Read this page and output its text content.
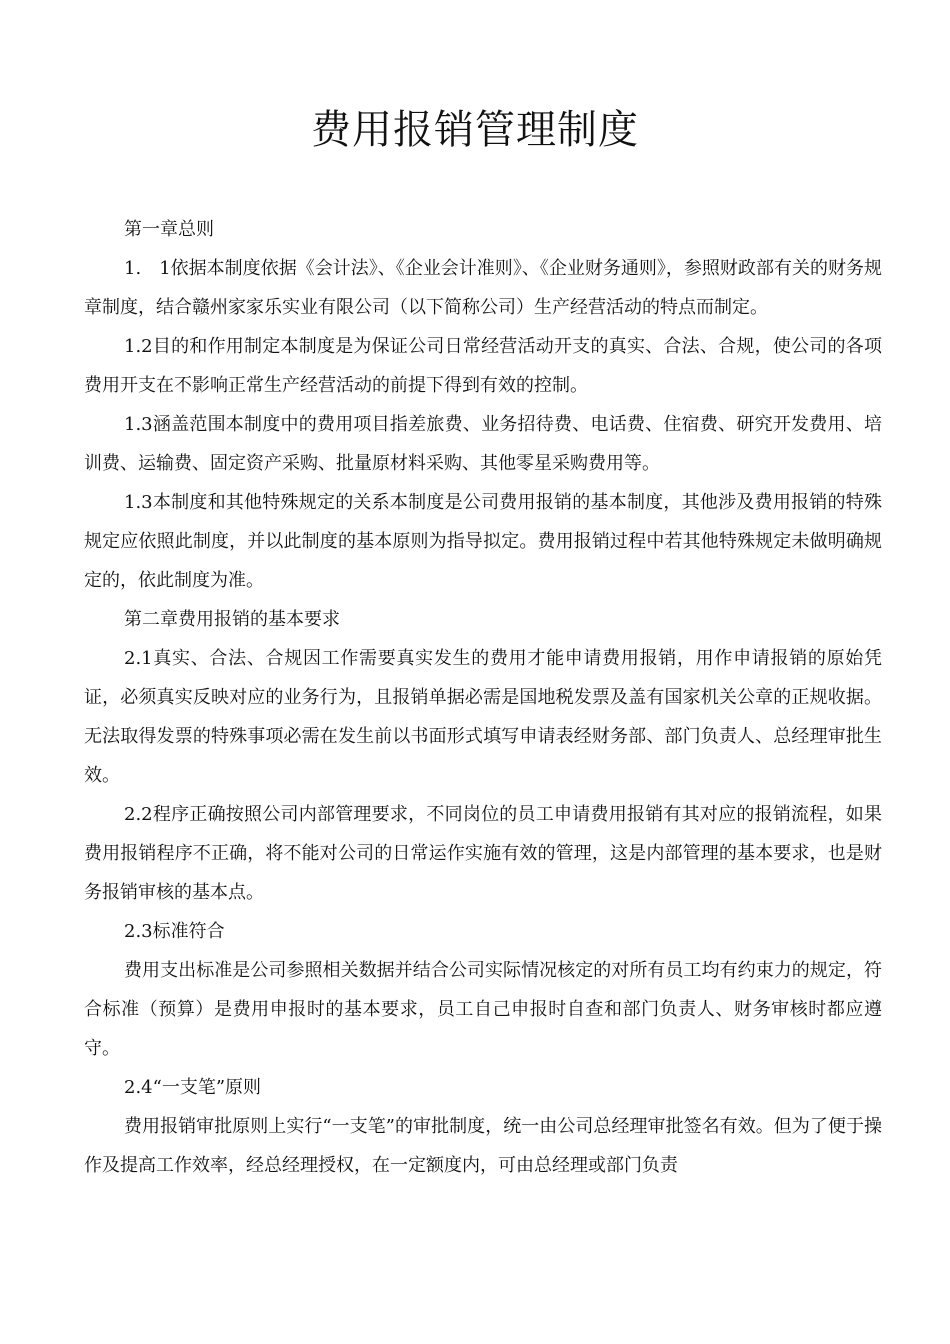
费用报销管理制度

第一章总则

1.　1依据本制度依据《会计法》、《企业会计准则》、《企业财务通则》，参照财政部有关的财务规章制度，结合赣州家家乐实业有限公司（以下简称公司）生产经营活动的特点而制定。

1.2目的和作用制定本制度是为保证公司日常经营活动开支的真实、合法、合规，使公司的各项费用开支在不影响正常生产经营活动的前提下得到有效的控制。

1.3涵盖范围本制度中的费用项目指差旅费、业务招待费、电话费、住宿费、研究开发费用、培训费、运输费、固定资产采购、批量原材料采购、其他零星采购费用等。

1.3本制度和其他特殊规定的关系本制度是公司费用报销的基本制度，其他涉及费用报销的特殊规定应依照此制度，并以此制度的基本原则为指导拟定。费用报销过程中若其他特殊规定未做明确规定的，依此制度为准。

第二章费用报销的基本要求

2.1真实、合法、合规因工作需要真实发生的费用才能申请费用报销，用作申请报销的原始凭证，必须真实反映对应的业务行为，且报销单据必需是国地税发票及盖有国家机关公章的正规收据。无法取得发票的特殊事项必需在发生前以书面形式填写申请表经财务部、部门负责人、总经理审批生效。

2.2程序正确按照公司内部管理要求，不同岗位的员工申请费用报销有其对应的报销流程，如果费用报销程序不正确，将不能对公司的日常运作实施有效的管理，这是内部管理的基本要求，也是财务报销审核的基本点。

2.3标准符合

费用支出标准是公司参照相关数据并结合公司实际情况核定的对所有员工均有约束力的规定，符合标准（预算）是费用申报时的基本要求，员工自己申报时自查和部门负责人、财务审核时都应遵守。

2.4“一支笔”原则

费用报销审批原则上实行“一支笔”的审批制度，统一由公司总经理审批签名有效。但为了便于操作及提高工作效率，经总经理授权，在一定额度内，可由总经理或部门负责
